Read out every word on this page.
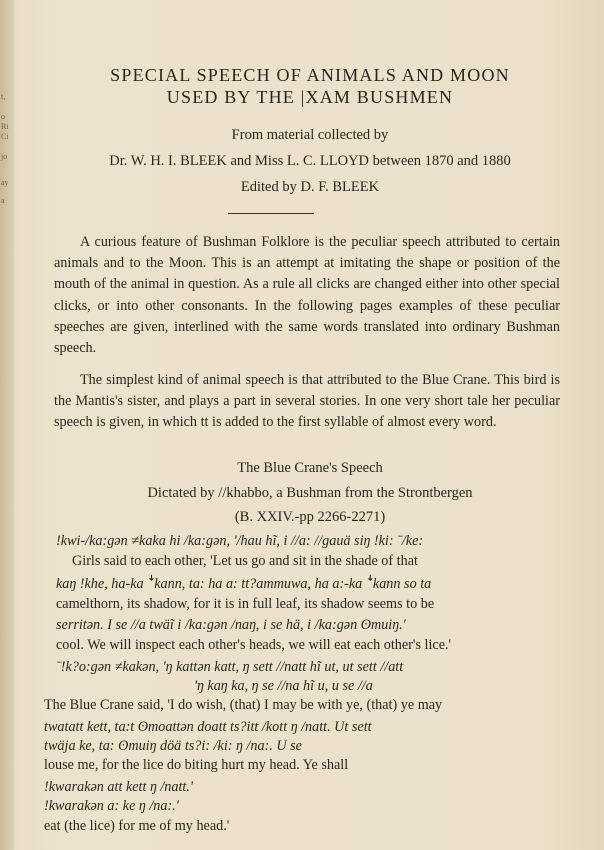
t,
o
Ri
Ci
jo
ay
a
SPECIAL SPEECH OF ANIMALS AND MOON
USED BY THE |XAM BUSHMEN
From material collected by
Dr. W. H. I. BLEEK and Miss L. C. LLOYD between 1870 and 1880
Edited by D. F. BLEEK
A curious feature of Bushman Folklore is the peculiar speech attributed to certain animals and to the Moon. This is an attempt at imitating the shape or position of the mouth of the animal in question. As a rule all clicks are changed either into other special clicks, or into other consonants. In the following pages examples of these peculiar speeches are given, interlined with the same words translated into ordinary Bushman speech.
The simplest kind of animal speech is that attributed to the Blue Crane. This bird is the Mantis's sister, and plays a part in several stories. In one very short tale her peculiar speech is given, in which tt is added to the first syllable of almost every word.
The Blue Crane's Speech
Dictated by //khabbo, a Bushman from the Strontbergen
(B. XXIV.-pp 2266-2271)
!kwi-/ka:gən ≠kaka hi /ka:gən, '/hau hĩ, i //a: //gauä siŋ !ki: ˉ/ke:
Girls said to each other, 'Let us go and sit in the shade of that
kaŋ !khe, ha-ka ꜜkann, ta: ha a: tt?ammuwa, ha a:-ka ꜜkann so ta
camelthorn, its shadow, for it is in full leaf, its shadow seems to be
serritən. I se //a twäĩ i /ka:gən /naŋ, i se hä, i /ka:gən ʘmuiŋ.'
cool. We will inspect each other's heads, we will eat each other's lice.'
ˉ!k?o:gən ≠kakən, 'ŋ kattən katt, ŋ sett //natt hĩ ut, ut sett //att
'ŋ kaŋ ka, ŋ se //na hĩ u, u se //a
The Blue Crane said, 'I do wish, (that) I may be with ye, (that) ye may
twatatt kett, ta:t ʘmoattən doatt ts?itt /kott ŋ /natt. Ut sett
twäja ke, ta: ʘmuiŋ döä ts?i: /ki: ŋ /na:. U se
louse me, for the lice do biting hurt my head. Ye shall
!kwarakən att kett ŋ /natt.'
!kwarakən a: ke ŋ /na:.'
eat (the lice) for me of my head.'
